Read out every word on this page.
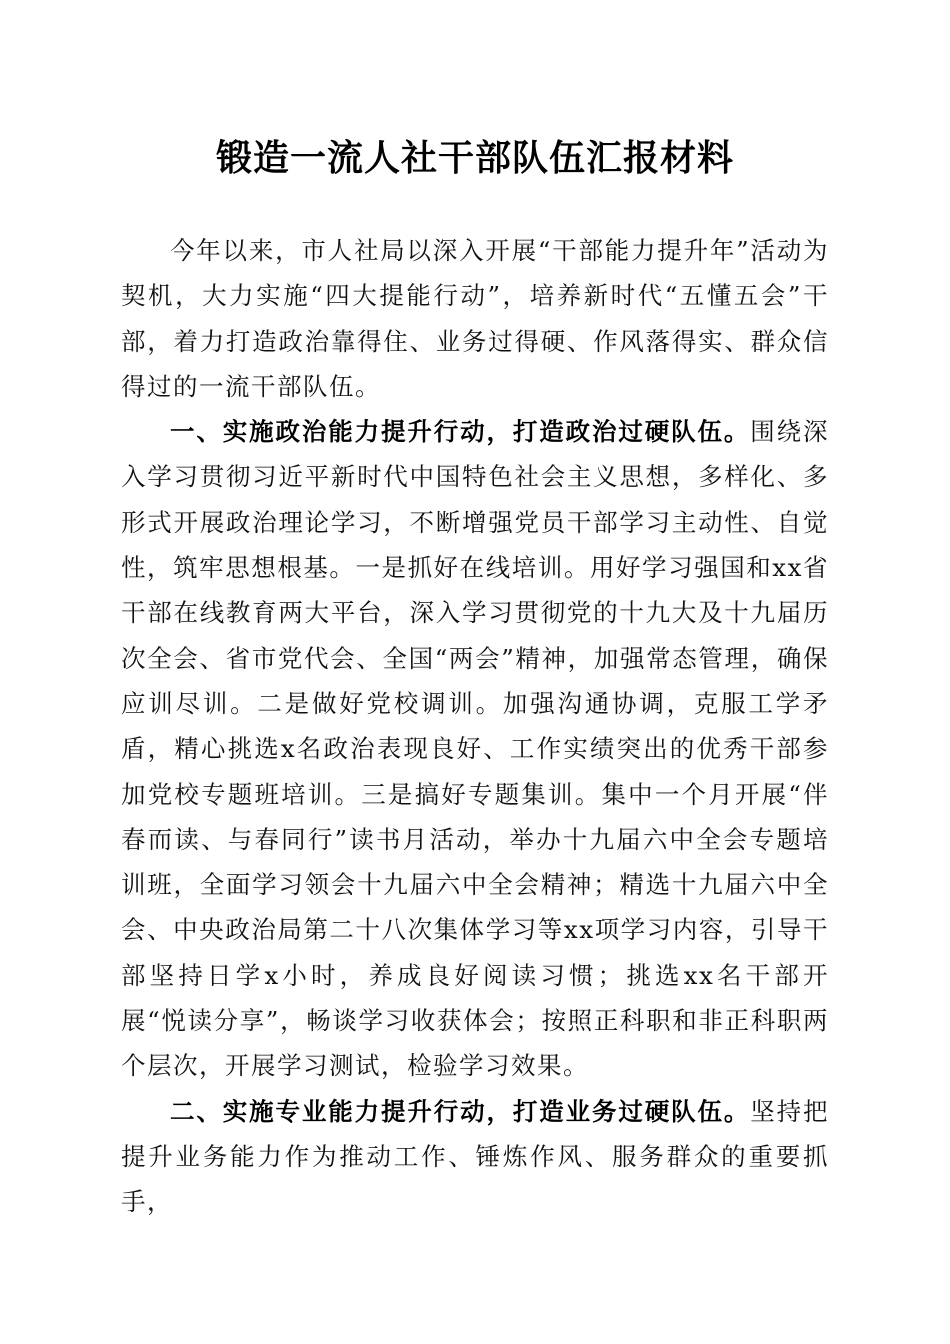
锻造一流人社干部队伍汇报材料

今年以来，市人社局以深入开展“干部能力提升年”活动为契机，大力实施“四大提能行动”，培养新时代“五懂五会”干部，着力打造政治靠得住、业务过得硬、作风落得实、群众信得过的一流干部队伍。

一、实施政治能力提升行动，打造政治过硬队伍。围绕深入学习贯彻习近平新时代中国特色社会主义思想，多样化、多形式开展政治理论学习，不断增强党员干部学习主动性、自觉性，筑牢思想根基。一是抓好在线培训。用好学习强国和xx省干部在线教育两大平台，深入学习贯彻党的十九大及十九届历次全会、省市党代会、全国“两会”精神，加强常态管理，确保应训尽训。二是做好党校调训。加强沟通协调，克服工学矛盾，精心挑选x名政治表现良好、工作实绩突出的优秀干部参加党校专题班培训。三是搞好专题集训。集中一个月开展“伴春而读、与春同行”读书月活动，举办十九届六中全会专题培训班，全面学习领会十九届六中全会精神；精选十九届六中全会、中央政治局第二十八次集体学习等xx项学习内容，引导干部坚持日学x小时，养成良好阅读习惯；挑选xx名干部开展“悦读分享”，畅谈学习收获体会；按照正科职和非正科职两个层次，开展学习测试，检验学习效果。

二、实施专业能力提升行动，打造业务过硬队伍。坚持把提升业务能力作为推动工作、锤炼作风、服务群众的重要抓手，
